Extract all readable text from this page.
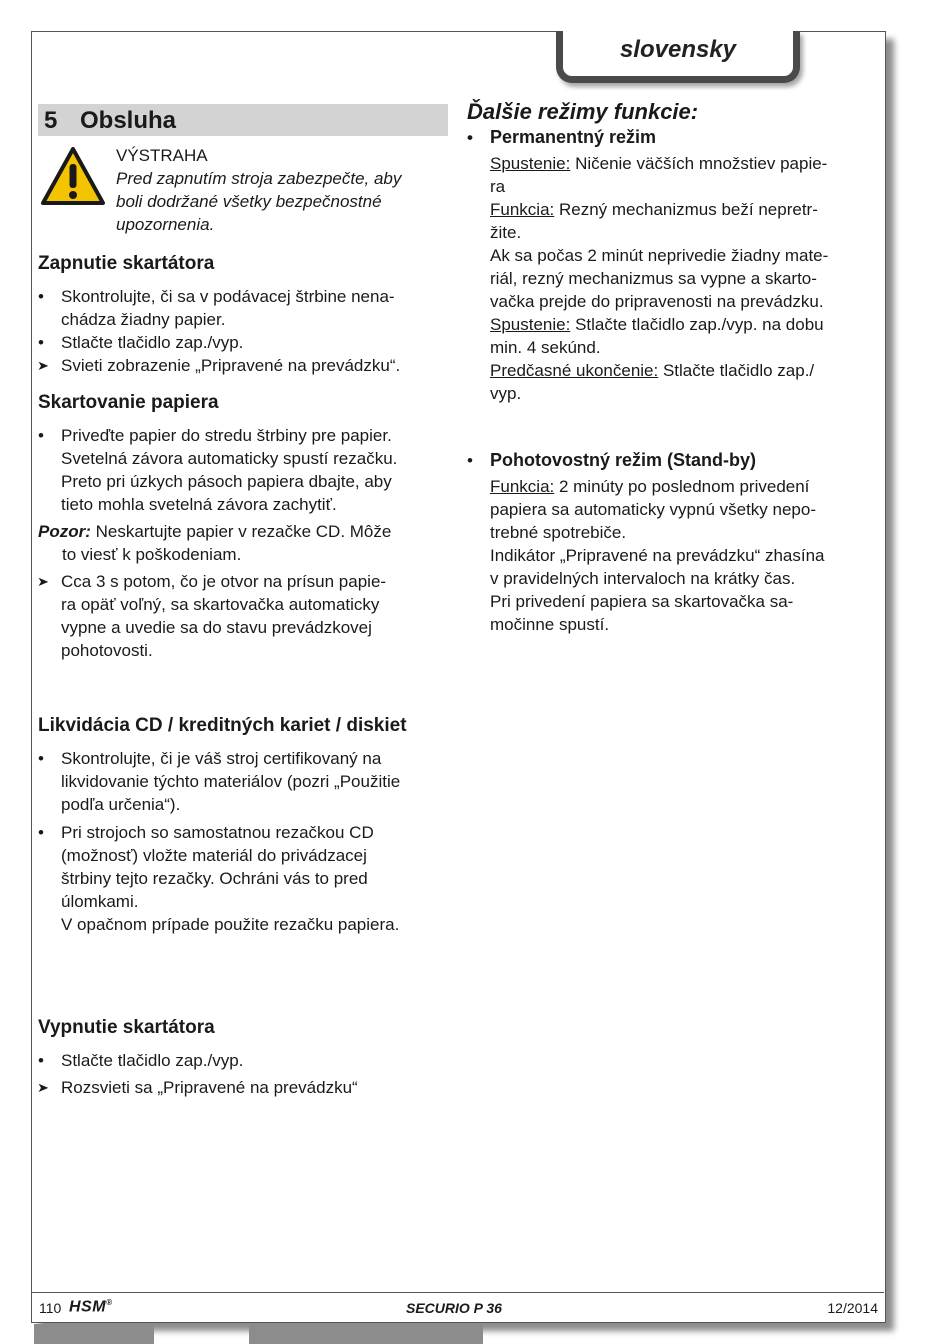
slovensky
5 Obsluha
VÝSTRAHA
Pred zapnutím stroja zabezpečte, aby
boli dodržané všetky bezpečnostné
upozornenia.
Zapnutie skartátora
•	Skontrolujte, či sa v podávacej štrbine nena-
chádza žiadny papier.
•	Stlačte tlačidlo zap./vyp.
➤ Svieti zobrazenie „Pripravené na prevádzku“.
Skartovanie papiera
•	Priveďte papier do stredu štrbiny pre papier.
Svetelná závora automaticky spustí rezačku.
Preto pri úzkych pásoch papiera dbajte, aby
tieto mohla svetelná závora zachytiť.
Pozor: Neskartujte papier v rezačke CD. Môže
to viesť k poškodeniam.
➤ Cca 3 s potom, čo je otvor na prísun papie-
ra opäť voľný, sa skartovačka automaticky
vypne a uvedie sa do stavu prevádzkovej
pohotovosti.
Likvidácia CD / kreditných kariet / diskiet
•	Skontrolujte, či je váš stroj certifikovaný na
likvidovanie týchto materiálov (pozri „Použitie
podľa určenia“).
•	Pri strojoch so samostatnou rezačkou CD
(možnosť) vložte materiál do privádzacej
štrbiny tejto rezačky. Ochráni vás to pred
úlomkami.
V opačnom prípade použite rezačku papiera.
Vypnutie skartátora
•	Stlačte tlačidlo zap./vyp.
➤ Rozsvieti sa „Pripravené na prevádzku“
Ďalšie režimy funkcie:
• Permanentný režim
Spustenie: Ničenie väčších množstiev papie-
ra
Funkcia: Rezný mechanizmus beží nepretr-
žite.
Ak sa počas 2 minút neprivedie žiadny mate-
riál, rezný mechanizmus sa vypne a skarto-
vačka prejde do pripravenosti na prevádzku.
Spustenie: Stlačte tlačidlo zap./vyp. na dobu
min. 4 sekúnd.
Predčasné ukončenie: Stlačte tlačidlo zap./
vyp.
• Pohotovostný režim (Stand-by)
Funkcia: 2 minúty po poslednom privedení
papiera sa automaticky vypnú všetky nepo-
trebné spotrebiče.
Indikátor „Pripravené na prevádzku“ zhasína
v pravidelných intervaloch na krátky čas.
Pri privedení papiera sa skartovačka sa-
močinne spustí.
110 HSM®	SECURIO P 36	12/2014
